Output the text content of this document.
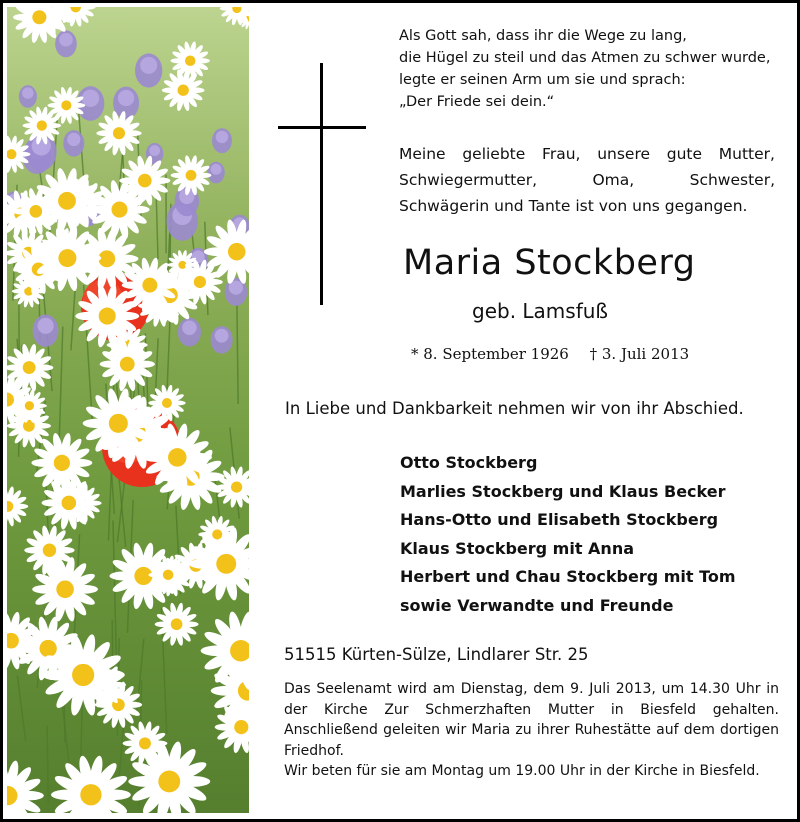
Als Gott sah, dass ihr die Wege zu lang,
die Hügel zu steil und das Atmen zu schwer wurde,
legte er seinen Arm um sie und sprach:
„Der Friede sei dein.“
Meine geliebte Frau, unsere gute Mutter,
Schwiegermutter,	Oma,	Schwester,
Schwägerin und Tante ist von uns gegangen.
Maria Stockberg
geb. Lamsfuß
* 8. September 1926 † 3. Juli 2013
In Liebe und Dankbarkeit nehmen wir von ihr Abschied.
Otto Stockberg
Marlies Stockberg und Klaus Becker
Hans-Otto und Elisabeth Stockberg
Klaus Stockberg mit Anna
Herbert und Chau Stockberg mit Tom
sowie Verwandte und Freunde
51515 Kürten-Sülze, Lindlarer Str. 25

Das Seelenamt wird am Dienstag, dem 9. Juli 2013, um 14.30 Uhr in der Kirche Zur Schmerzhaften Mutter in Biesfeld gehalten. Anschließend geleiten wir Maria zu ihrer Ruhestätte auf dem dortigen Friedhof.

Wir beten für sie am Montag um 19.00 Uhr in der Kirche in Biesfeld.
